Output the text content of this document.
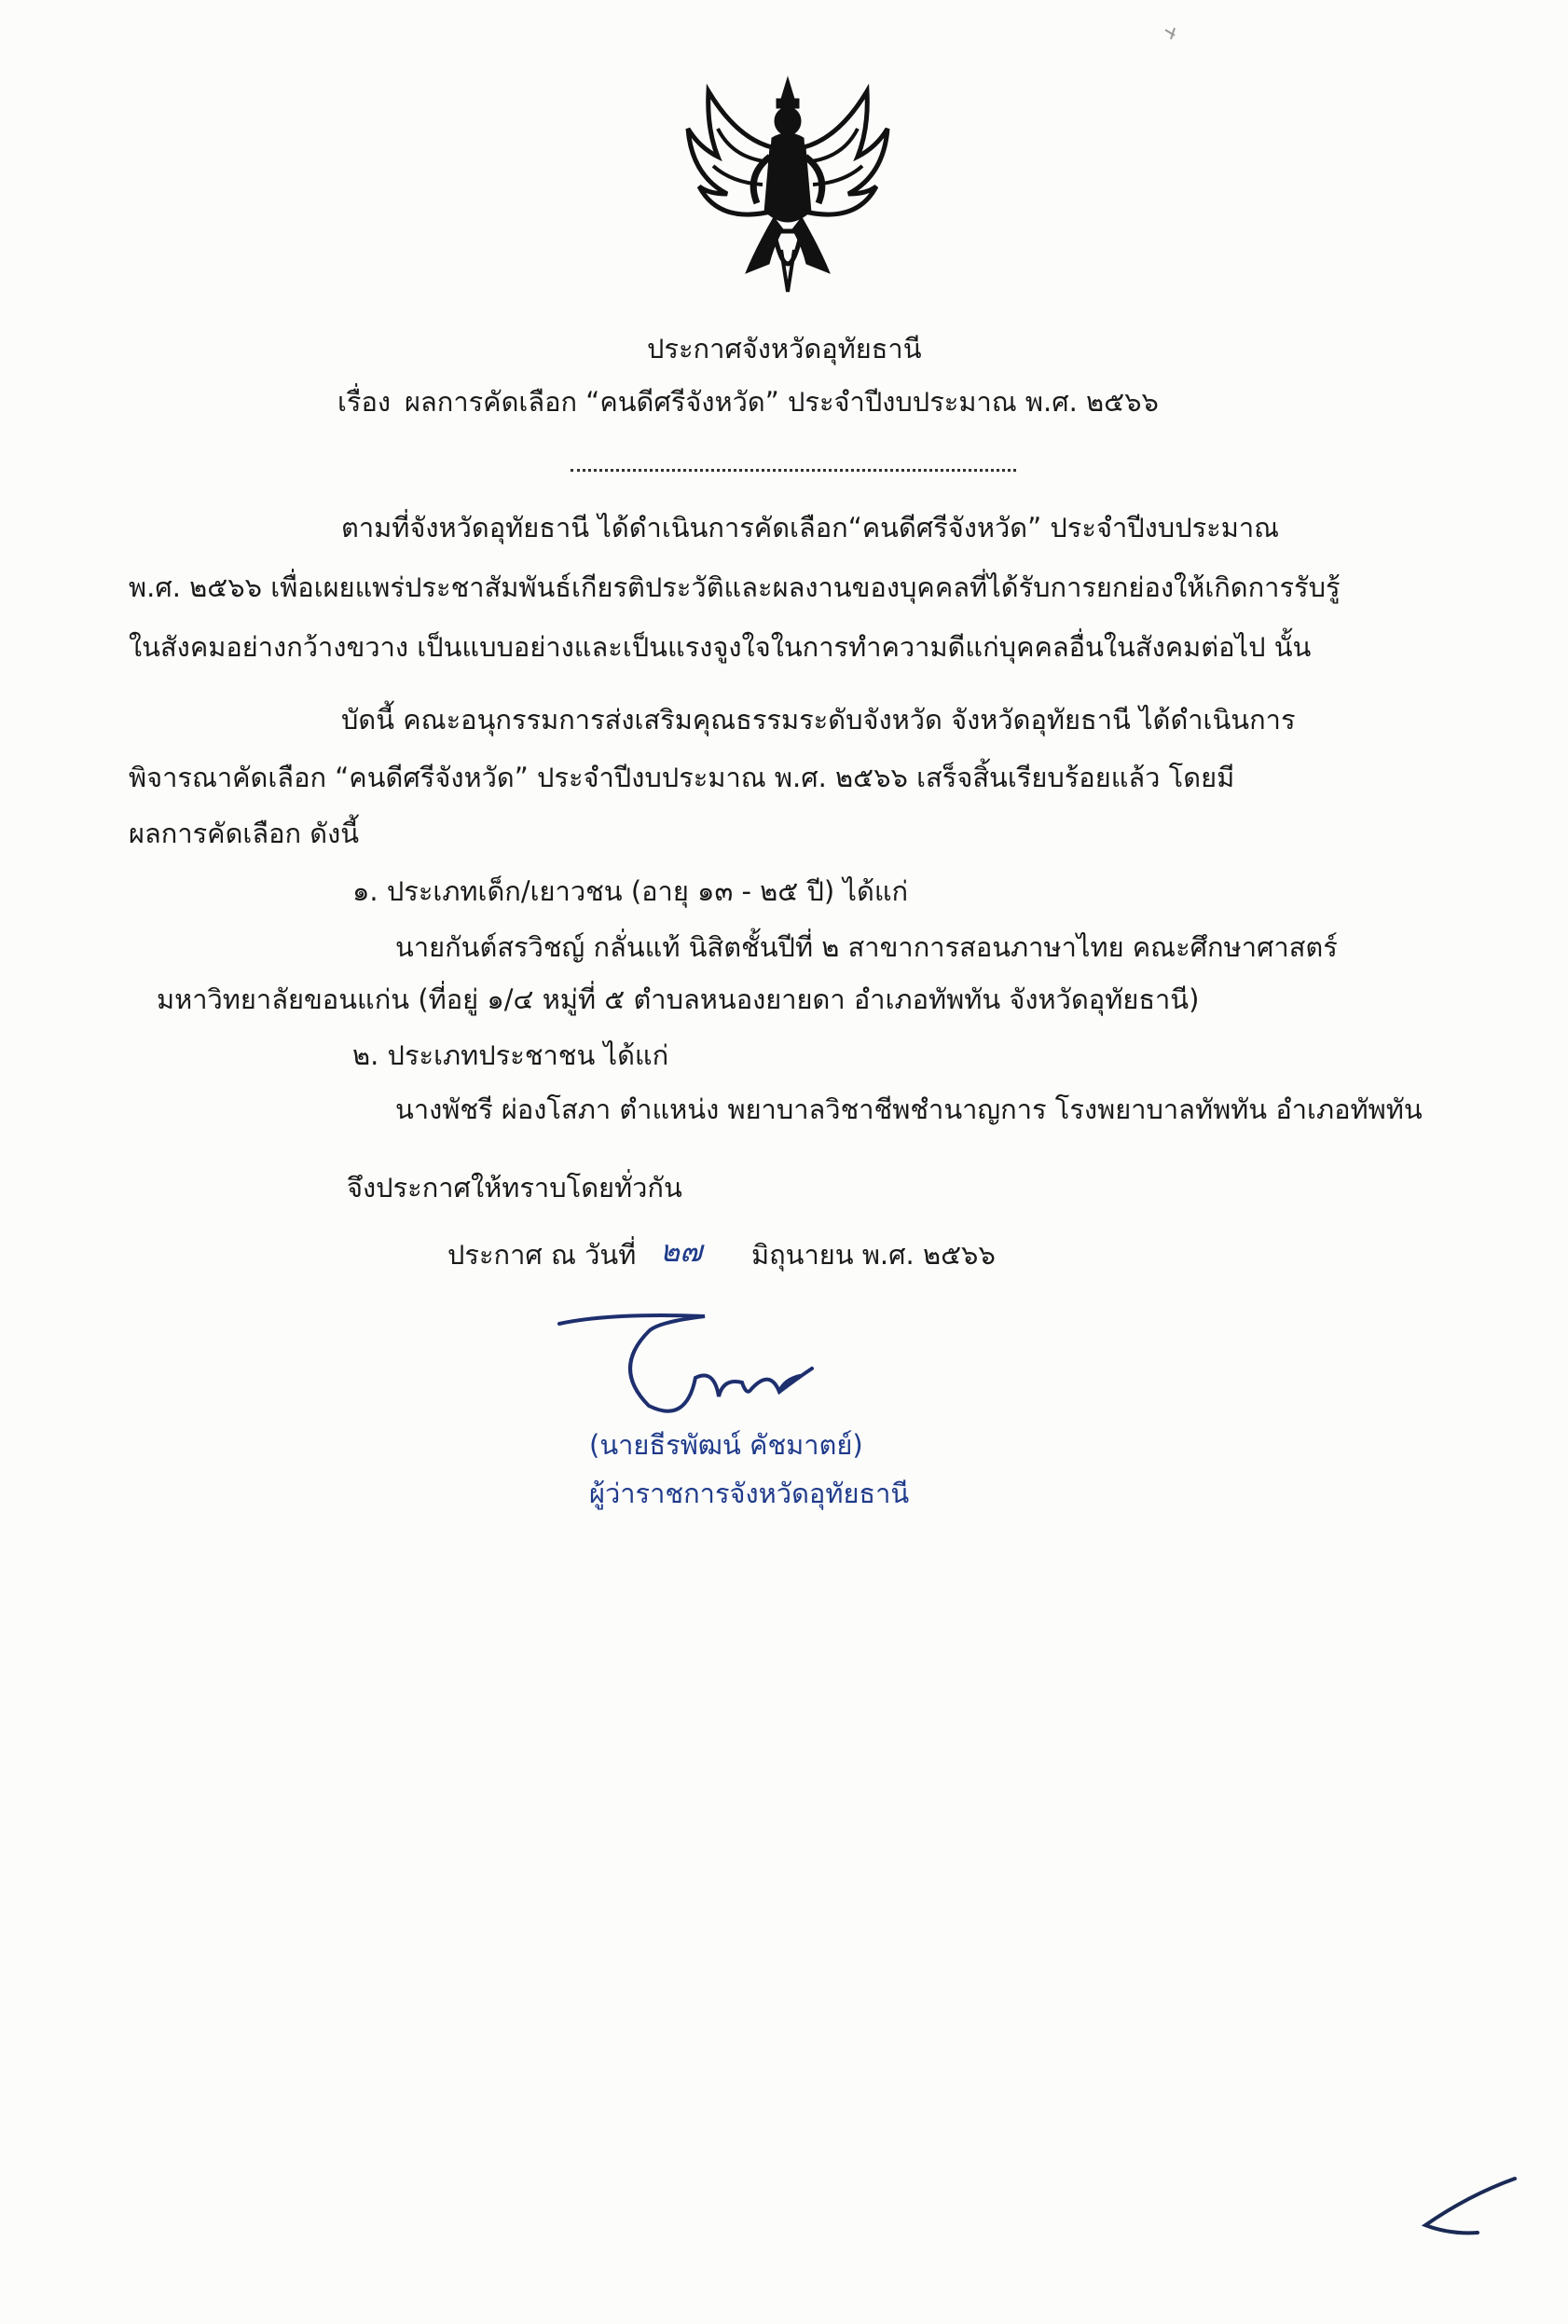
ประกาศจังหวัดอุทัยธานี
เรื่อง ผลการคัดเลือก “คนดีศรีจังหวัด” ประจำปีงบประมาณ พ.ศ. ๒๕๖๖
ตามที่จังหวัดอุทัยธานี ได้ดำเนินการคัดเลือก“คนดีศรีจังหวัด” ประจำปีงบประมาณ
พ.ศ. ๒๕๖๖ เพื่อเผยแพร่ประชาสัมพันธ์เกียรติประวัติและผลงานของบุคคลที่ได้รับการยกย่องให้เกิดการรับรู้
ในสังคมอย่างกว้างขวาง เป็นแบบอย่างและเป็นแรงจูงใจในการทำความดีแก่บุคคลอื่นในสังคมต่อไป นั้น
บัดนี้ คณะอนุกรรมการส่งเสริมคุณธรรมระดับจังหวัด จังหวัดอุทัยธานี ได้ดำเนินการ
พิจารณาคัดเลือก “คนดีศรีจังหวัด” ประจำปีงบประมาณ พ.ศ. ๒๕๖๖ เสร็จสิ้นเรียบร้อยแล้ว โดยมี
ผลการคัดเลือก ดังนี้
๑. ประเภทเด็ก/เยาวชน (อายุ ๑๓ - ๒๕ ปี) ได้แก่
นายกันต์สรวิชญ์ กลั่นแท้ นิสิตชั้นปีที่ ๒ สาขาการสอนภาษาไทย คณะศึกษาศาสตร์
มหาวิทยาลัยขอนแก่น (ที่อยู่ ๑/๔ หมู่ที่ ๕ ตำบลหนองยายดา อำเภอทัพทัน จังหวัดอุทัยธานี)
๒. ประเภทประชาชน ได้แก่
นางพัชรี ผ่องโสภา ตำแหน่ง พยาบาลวิชาชีพชำนาญการ โรงพยาบาลทัพทัน อำเภอทัพทัน
จึงประกาศให้ทราบโดยทั่วกัน
ประกาศ ณ วันที่ ๒๗ มิถุนายน พ.ศ. ๒๕๖๖
(นายธีรพัฒน์ คัชมาตย์)
ผู้ว่าราชการจังหวัดอุทัยธานี
